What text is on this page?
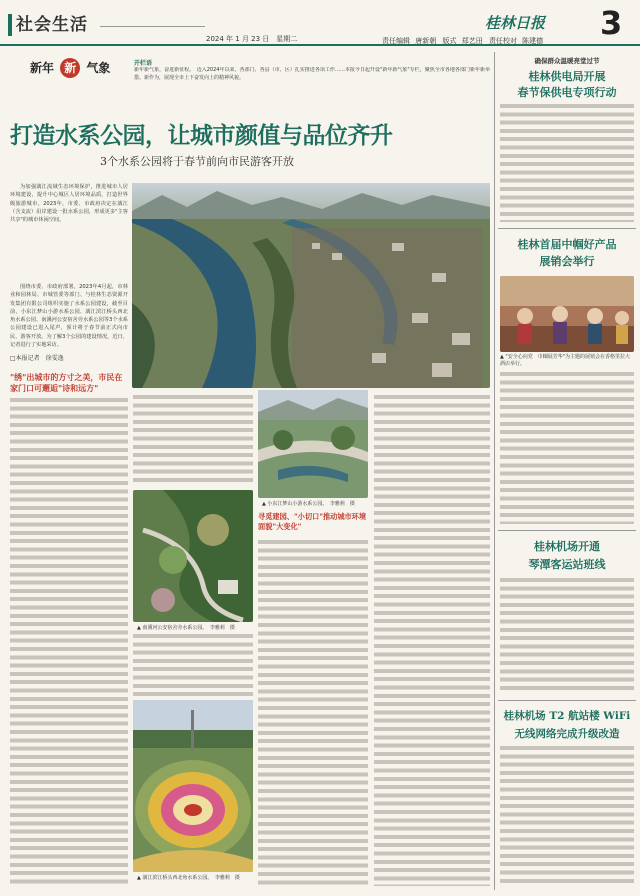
社会生活
2024 年 1 月 23 日　星期二	责任编辑 唐新朝 版式 郑艺田 责任校对 陈建德
桂林日报 3
新年 新 气象	开栏语
新年新气象，奋进新征程。　迈入2024年以来，各部门、各县（市、区）扎实推进各项工作……本报今日起开设"新年新气象"专栏，聚焦全市各地各部门新年新举措、新作为，展现全市上下奋发向上的精神风貌。
打造水系公园，让城市颜值与品位齐升
3个水系公园将于春节前向市民游客开放

为加强漓江流域生态环境保护，推进城市人居环境建设，提升中心城区人居环境品质，打造世界级旅游城市，2023年，市委、市政府决定在漓江（含支流）沿岸建设一批水系公园，形成更多"主客共享"的城市休闲空间。

围绕市委、市政府部署，2023年4月起，市林业和园林局、市城管委等部门、与桂林生态资源开发集团有限公司组织实施了水系公园建设，截至目前，小东江梦山小游水系公园、漓江滨江桥头西北角水系公园、南溪河公安宿舍旁水系公园等3个水系公园建设已进入尾声，预计将于春节前正式向市民、游客开放。为了解3个公园的建设情况，近日，记者进行了实地采访。

□本报记者　徐雯逸
"绣"出城市的方寸之美，市民在家门口可邂逅"诗和远方"
▲ 小东江梦山小游水系公园。　李雅莉　摄
寻觅建园、"小切口"推动城市环境面貌"大变化"
▲ 南溪河公安宿舍旁水系公园。　李雅莉　摄
▲ 漓江滨江桥头西北角水系公园。　李雅莉　摄
确保群众温暖亮堂过节
桂林供电局开展
春节保供电专项行动
桂林首届中帼好产品
展销会举行
▲ "安全心向党　巾帼展芳华"为主题的展销会在香格里拉大酒店举行。
桂林机场开通
琴潭客运站班线
桂林机场 T2 航站楼 WiFi
无线网络完成升级改造
